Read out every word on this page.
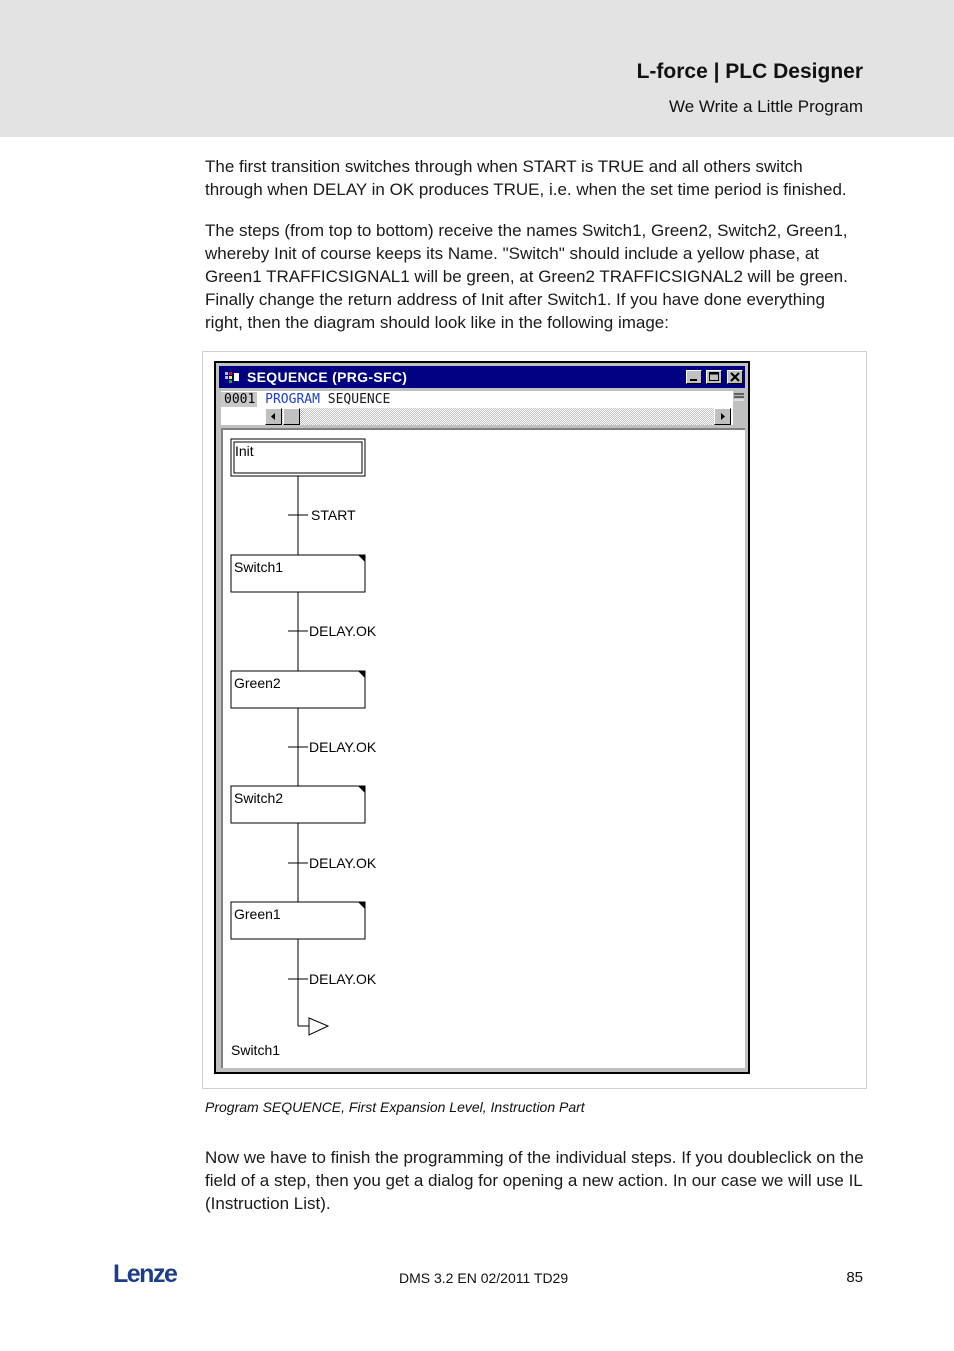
L-force | PLC Designer
We Write a Little Program

The first transition switches through when START is TRUE and all others switch through when DELAY in OK produces TRUE, i.e. when the set time period is finished.

The steps (from top to bottom) receive the names Switch1, Green2, Switch2, Green1, whereby Init of course keeps its Name. "Switch" should include a yellow phase, at Green1 TRAFFICSIGNAL1 will be green, at Green2 TRAFFICSIGNAL2 will be green. Finally change the return address of Init after Switch1. If you have done everything right, then the diagram should look like in the following image:

SEQUENCE (PRG-SFC)
0001 PROGRAM SEQUENCE
Init
START
Switch1
DELAY.OK
Green2
DELAY.OK
Switch2
DELAY.OK
Green1
DELAY.OK
Switch1
Program SEQUENCE, First Expansion Level, Instruction Part

Now we have to finish the programming of the individual steps. If you doubleclick on the field of a step, then you get a dialog for opening a new action. In our case we will use IL (Instruction List).

Lenze	DMS 3.2 EN 02/2011 TD29	85
